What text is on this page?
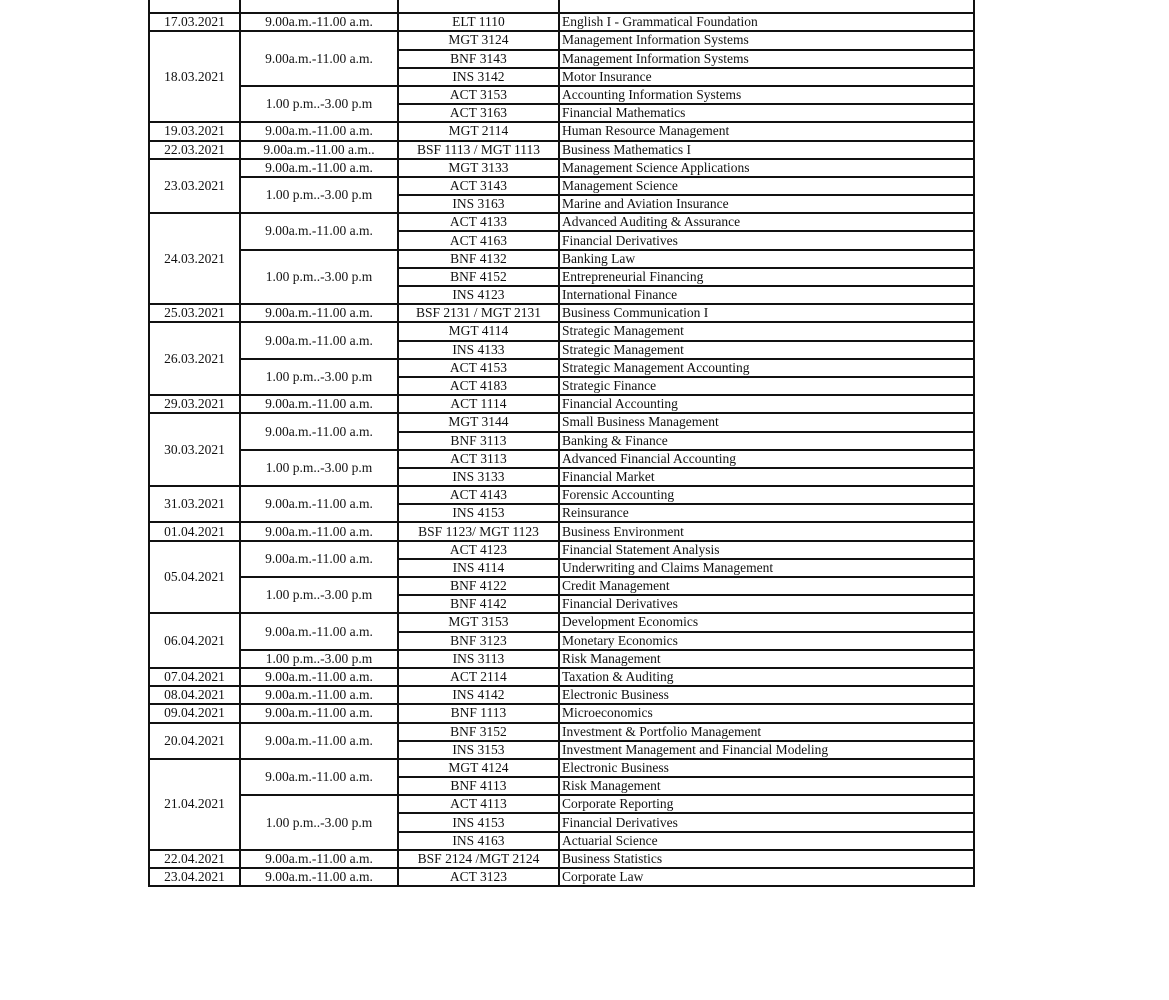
17.03.2021	9.00a.m.-11.00 a.m.	ELT 1110	English I - Grammatical Foundation
18.03.2021	9.00a.m.-11.00 a.m.	MGT 3124	Management Information Systems
		BNF 3143	Management Information Systems
		INS 3142	Motor Insurance
	1.00 p.m..-3.00 p.m	ACT 3153	Accounting Information Systems
		ACT 3163	Financial Mathematics
19.03.2021	9.00a.m.-11.00 a.m.	MGT 2114	Human Resource Management
22.03.2021	9.00a.m.-11.00 a.m..	BSF 1113 / MGT 1113	Business Mathematics I
23.03.2021	9.00a.m.-11.00 a.m.	MGT 3133	Management Science Applications
	1.00 p.m..-3.00 p.m	ACT 3143	Management Science
		INS 3163	Marine and Aviation Insurance
24.03.2021	9.00a.m.-11.00 a.m.	ACT 4133	Advanced Auditing & Assurance
		ACT 4163	Financial Derivatives
	1.00 p.m..-3.00 p.m	BNF 4132	Banking Law
		BNF 4152	Entrepreneurial Financing
		INS 4123	International Finance
25.03.2021	9.00a.m.-11.00 a.m.	BSF 2131 / MGT 2131	Business Communication I
26.03.2021	9.00a.m.-11.00 a.m.	MGT 4114	Strategic Management
		INS 4133	Strategic Management
	1.00 p.m..-3.00 p.m	ACT 4153	Strategic Management Accounting
		ACT 4183	Strategic Finance
29.03.2021	9.00a.m.-11.00 a.m.	ACT 1114	Financial Accounting
30.03.2021	9.00a.m.-11.00 a.m.	MGT 3144	Small Business Management
		BNF 3113	Banking & Finance
	1.00 p.m..-3.00 p.m	ACT 3113	Advanced Financial Accounting
		INS 3133	Financial Market
31.03.2021	9.00a.m.-11.00 a.m.	ACT 4143	Forensic Accounting
		INS 4153	Reinsurance
01.04.2021	9.00a.m.-11.00 a.m.	BSF 1123/ MGT 1123	Business Environment
05.04.2021	9.00a.m.-11.00 a.m.	ACT 4123	Financial Statement Analysis
		INS 4114	Underwriting and Claims Management
	1.00 p.m..-3.00 p.m	BNF 4122	Credit Management
		BNF 4142	Financial Derivatives
06.04.2021	9.00a.m.-11.00 a.m.	MGT 3153	Development Economics
		BNF 3123	Monetary Economics
	1.00 p.m..-3.00 p.m	INS 3113	Risk Management
07.04.2021	9.00a.m.-11.00 a.m.	ACT 2114	Taxation & Auditing
08.04.2021	9.00a.m.-11.00 a.m.	INS 4142	Electronic Business
09.04.2021	9.00a.m.-11.00 a.m.	BNF 1113	Microeconomics
20.04.2021	9.00a.m.-11.00 a.m.	BNF 3152	Investment & Portfolio Management
		INS 3153	Investment Management and Financial Modeling
21.04.2021	9.00a.m.-11.00 a.m.	MGT 4124	Electronic Business
		BNF 4113	Risk Management
	1.00 p.m..-3.00 p.m	ACT 4113	Corporate Reporting
		INS 4153	Financial Derivatives
		INS 4163	Actuarial Science
22.04.2021	9.00a.m.-11.00 a.m.	BSF 2124 /MGT 2124	Business Statistics
23.04.2021	9.00a.m.-11.00 a.m.	ACT 3123	Corporate Law
